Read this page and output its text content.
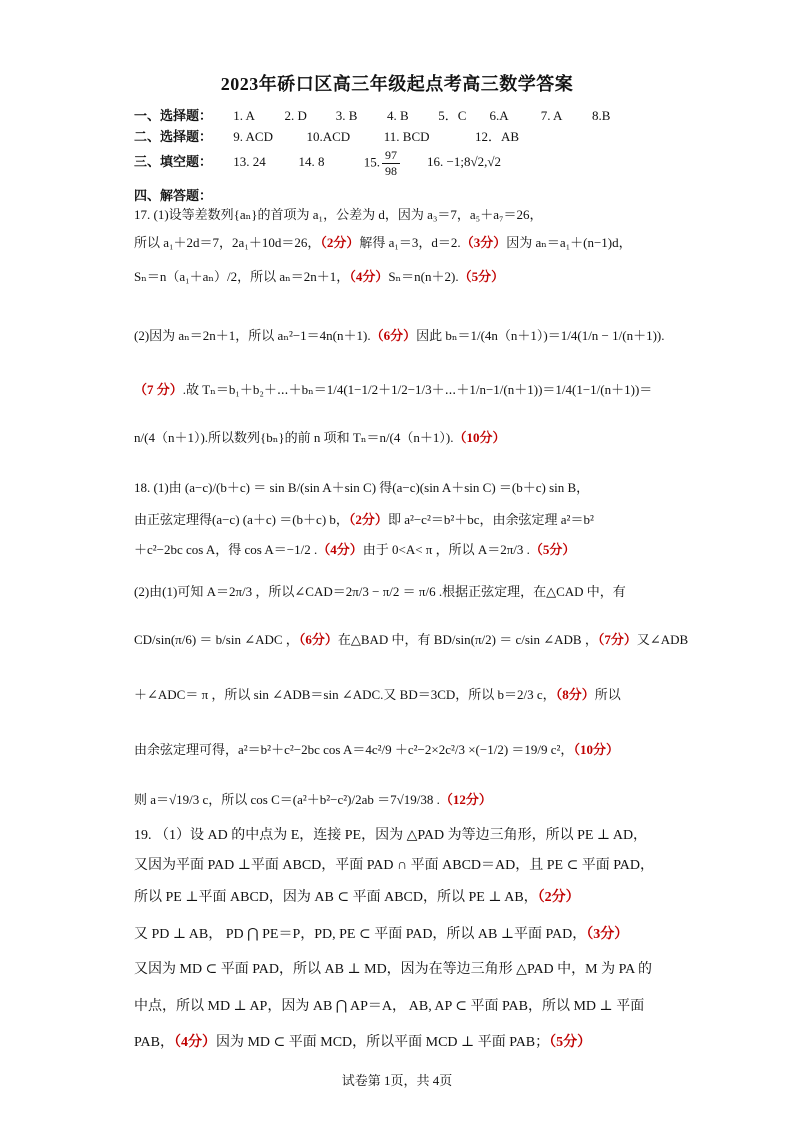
2023年硚口区高三年级起点考高三数学答案
一、选择题： 1. A 2. D 3. B 4. B 5．C 6.A 7. A 8.B
二、选择题： 9. ACD	10.ACD	11. BCD	12．AB
三、填空题： 13. 24	14. 8	15. $\frac{97}{98} 16$. −1;8√2,√2
四、解答题：
17. (1)设等差数列{aₙ}的首项为 a₁，公差为 d，因为 a₃＝7，a₅＋a₇＝26，
所以 a₁＋2d＝7，2a₁＋10d＝26，（2分）解得 a₁＝3，d＝2.（3分）因为 aₙ＝a₁＋(n−1)d，
Sₙ＝n（a₁＋aₙ）/2，所以 aₙ＝2n＋1，（4分）Sₙ＝n(n＋2).（5分）
(2)因为 aₙ＝2n＋1，所以 aₙ²−1＝4n(n＋1).（6分）因此 bₙ＝1/(4n（n＋1）)＝1/4(1/n − 1/(n＋1)).
（7 分）.故 Tₙ＝b₁＋b₂＋⋯＋bₙ＝1/4(1−1/2＋1/2−1/3＋⋯＋1/n−1/(n＋1))＝1/4(1−1/(n＋1))＝
n/(4（n＋1）).所以数列{bₙ}的前 n 项和 Tₙ＝n/(4（n＋1）).（10分）
18. (1)由 (a−c)/(b＋c) ＝ sin B/(sin A＋sin C) 得(a−c)(sin A＋sin C) ＝(b＋c) sin B，
由正弦定理得(a−c) (a＋c) ＝(b＋c) b，（2分）即 a²−c²＝b²＋bc，由余弦定理 a²＝b²
＋c²−2bc cos A，得 cos A＝−1/2 .（4分）由于 0<A< π ，所以 A＝2π/3 .（5分）
(2)由(1)可知 A＝2π/3 ，所以∠CAD＝2π/3 − π/2 ＝ π/6 .根据正弦定理，在△CAD 中，有
CD/sin(π/6) ＝ b/sin ∠ADC ，（6分）在△BAD 中，有 BD/sin(π/2) ＝ c/sin ∠ADB ，（7分）又∠ADB
＋∠ADC＝ π ，所以 sin ∠ADB＝sin ∠ADC.又 BD＝3CD，所以 b＝2/3 c，（8分）所以
由余弦定理可得，a²＝b²＋c²−2bc cos A＝4c²/9 ＋c²−2×2c²/3 ×(−1/2) ＝19/9 c²，（10分）
则 a＝√19/3 c，所以 cos C＝(a²＋b²−c²)/2ab ＝7√19/38 .（12分）
19. （1）设 AD 的中点为 E，连接 PE，因为 △PAD 为等边三角形，所以 PE ⊥ AD，
又因为平面 PAD ⊥平面 ABCD，平面 PAD ∩ 平面 ABCD＝AD，且 PE ⊂ 平面 PAD，
所以 PE ⊥平面 ABCD，因为 AB ⊂ 平面 ABCD，所以 PE ⊥ AB，（2分）
又 PD ⊥ AB， PD ⋂ PE＝P，PD, PE ⊂ 平面 PAD，所以 AB ⊥平面 PAD，（3分）
又因为 MD ⊂ 平面 PAD，所以 AB ⊥ MD，因为在等边三角形 △PAD 中，M 为 PA 的
中点，所以 MD ⊥ AP，因为 AB ⋂ AP＝A， AB, AP ⊂ 平面 PAB，所以 MD ⊥ 平面
PAB，（4分）因为 MD ⊂ 平面 MCD，所以平面 MCD ⊥ 平面 PAB；（5分）
试卷第 1页，共 4页
